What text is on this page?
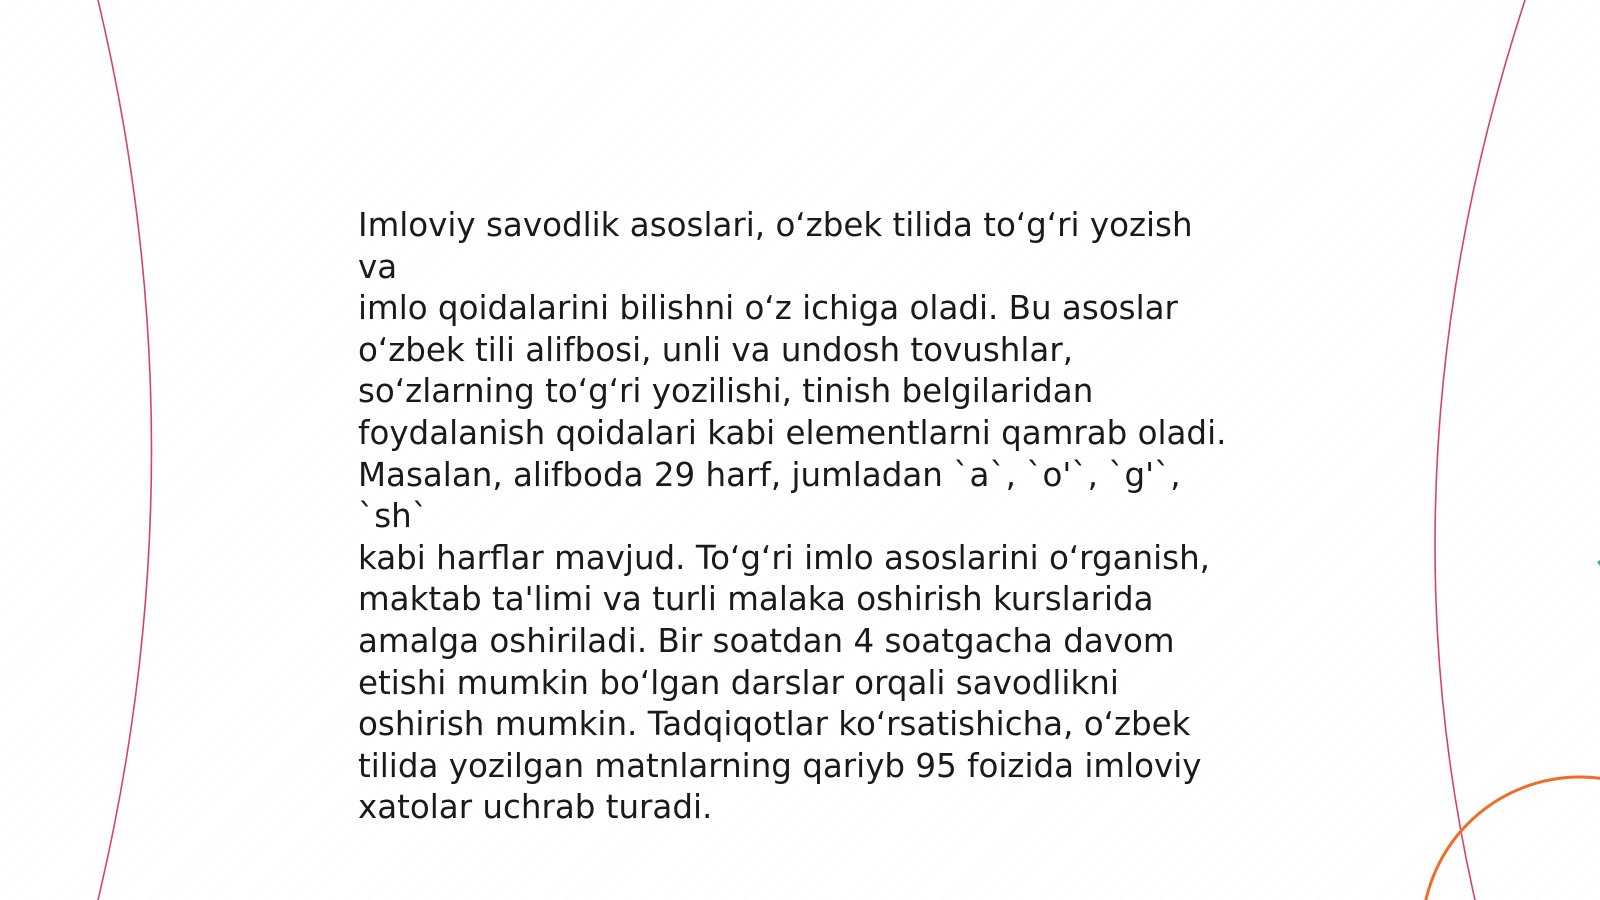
Imloviy savodlik asoslari, o‘zbek tilida to‘g‘ri yozish va
imlo qoidalarini bilishni o‘z ichiga oladi. Bu asoslar
o‘zbek tili alifbosi, unli va undosh tovushlar,
so‘zlarning to‘g‘ri yozilishi, tinish belgilaridan
foydalanish qoidalari kabi elementlarni qamrab oladi.
Masalan, alifboda 29 harf, jumladan `a`, `o'`, `g'`, `sh`
kabi harflar mavjud. To‘g‘ri imlo asoslarini o‘rganish,
maktab ta'limi va turli malaka oshirish kurslarida
amalga oshiriladi. Bir soatdan 4 soatgacha davom
etishi mumkin bo‘lgan darslar orqali savodlikni
oshirish mumkin. Tadqiqotlar ko‘rsatishicha, o‘zbek
tilida yozilgan matnlarning qariyb 95 foizida imloviy
xatolar uchrab turadi.
